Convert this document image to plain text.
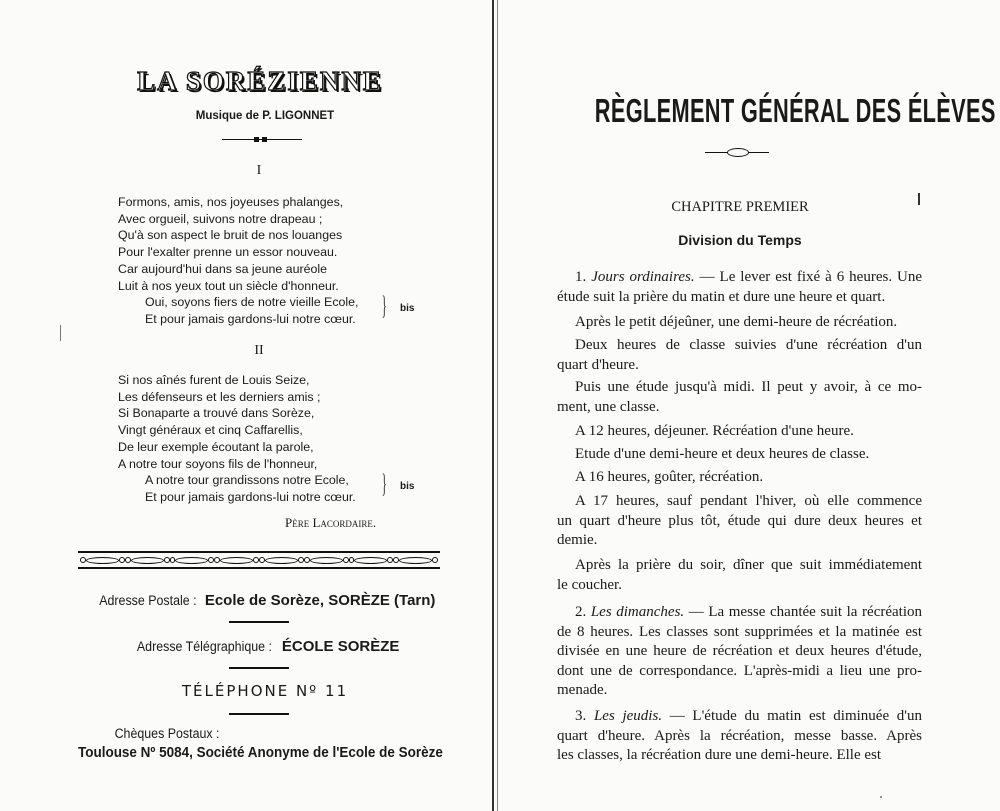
LA SORÉZIENNE
Musique de P. LIGONNET
I
Formons, amis, nos joyeuses phalanges,
Avec orgueil, suivons notre drapeau ;
Qu'à son aspect le bruit de nos louanges
Pour l'exalter prenne un essor nouveau.
Car aujourd'hui dans sa jeune auréole
Luit à nos yeux tout un siècle d'honneur.
Oui, soyons fiers de notre vieille Ecole,
Et pour jamais gardons-lui notre cœur. } bis
II
Si nos aînés furent de Louis Seize,
Les défenseurs et les derniers amis ;
Si Bonaparte a trouvé dans Sorèze,
Vingt généraux et cinq Caffarellis,
De leur exemple écoutant la parole,
A notre tour soyons fils de l'honneur,
A notre tour grandissons notre Ecole,
Et pour jamais gardons-lui notre cœur. } bis
Père Lacordaire.
Adresse Postale : Ecole de Sorèze, SORÈZE (Tarn)
Adresse Télégraphique : ÉCOLE SORÈZE
TÉLÉPHONE Nº 11
Chèques Postaux :
Toulouse Nº 5084, Société Anonyme de l'Ecole de Sorèze
RÈGLEMENT GÉNÉRAL DES ÉLÈVES
CHAPITRE PREMIER
Division du Temps
1. Jours ordinaires. — Le lever est fixé à 6 heures. Une
étude suit la prière du matin et dure une heure et quart.
Après le petit déjeûner, une demi-heure de récréation.
Deux heures de classe suivies d'une récréation d'un
quart d'heure.
Puis une étude jusqu'à midi. Il peut y avoir, à ce mo-
ment, une classe.
A 12 heures, déjeuner. Récréation d'une heure.
Etude d'une demi-heure et deux heures de classe.
A 16 heures, goûter, récréation.
A 17 heures, sauf pendant l'hiver, où elle commence
un quart d'heure plus tôt, étude qui dure deux heures et
demie.
Après la prière du soir, dîner que suit immédiatement
le coucher.
2. Les dimanches. — La messe chantée suit la récréation
de 8 heures. Les classes sont supprimées et la matinée est
divisée en une heure de récréation et deux heures d'étude,
dont une de correspondance. L'après-midi a lieu une pro-
menade.
3. Les jeudis. — L'étude du matin est diminuée d'un
quart d'heure. Après la récréation, messe basse. Après
les classes, la récréation dure une demi-heure. Elle est
